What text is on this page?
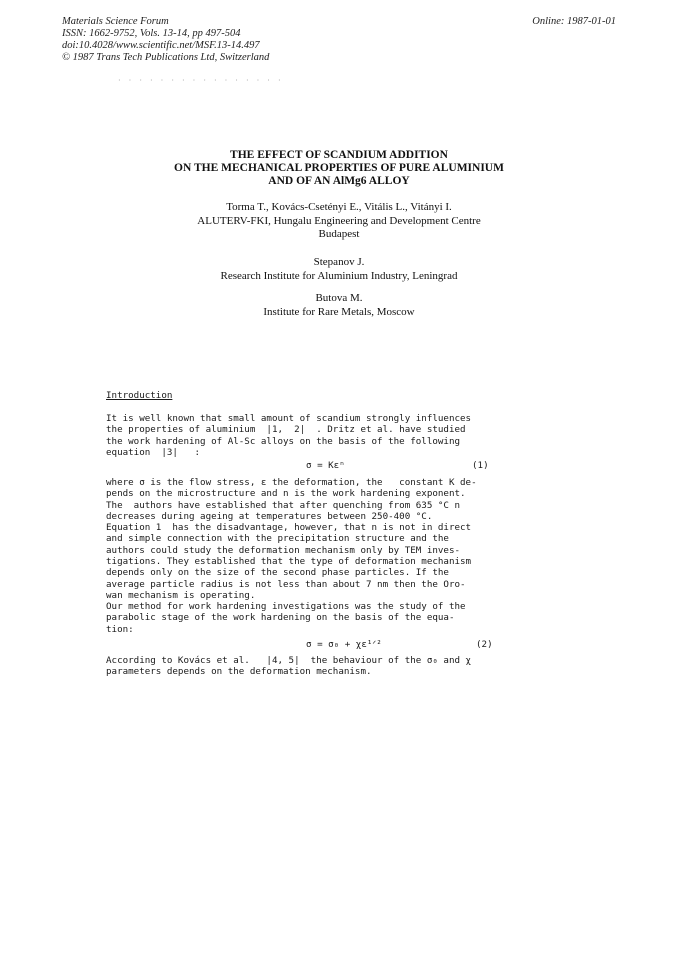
Materials Science Forum
ISSN: 1662-9752, Vols. 13-14, pp 497-504
doi:10.4028/www.scientific.net/MSF.13-14.497
© 1987 Trans Tech Publications Ltd, Switzerland
Online: 1987-01-01
· · · · · · · · · · · · · · · ·
THE EFFECT OF SCANDIUM ADDITION
ON THE MECHANICAL PROPERTIES OF PURE ALUMINIUM
AND OF AN AlMg6 ALLOY
Torma T., Kovács-Csetényi E., Vitális L., Vitányi I.
ALUTERV-FKI, Hungalu Engineering and Development Centre
Budapest
Stepanov J.
Research Institute for Aluminium Industry, Leningrad
Butova M.
Institute for Rare Metals, Moscow
Introduction
It is well known that small amount of scandium strongly influences
the properties of aluminium  |1,  2|  . Dritz et al. have studied
the work hardening of Al-Sc alloys on the basis of the following
equation  |3|   :
σ = Kεⁿ	(1)
where σ is the flow stress, ε the deformation, the   constant K de-
pends on the microstructure and n is the work hardening exponent.
The  authors have established that after quenching from 635 °C n
decreases during ageing at temperatures between 250-400 °C.
Equation 1  has the disadvantage, however, that n is not in direct
and simple connection with the precipitation structure and the
authors could study the deformation mechanism only by TEM inves-
tigations. They established that the type of deformation mechanism
depends only on the size of the second phase particles. If the
average particle radius is not less than about 7 nm then the Oro-
wan mechanism is operating.
Our method for work hardening investigations was the study of the
parabolic stage of the work hardening on the basis of the equa-
tion:
σ = σ₀ + χε¹ᐟ²	(2)
According to Kovács et al.   |4, 5|  the behaviour of the σ₀ and χ
parameters depends on the deformation mechanism.
